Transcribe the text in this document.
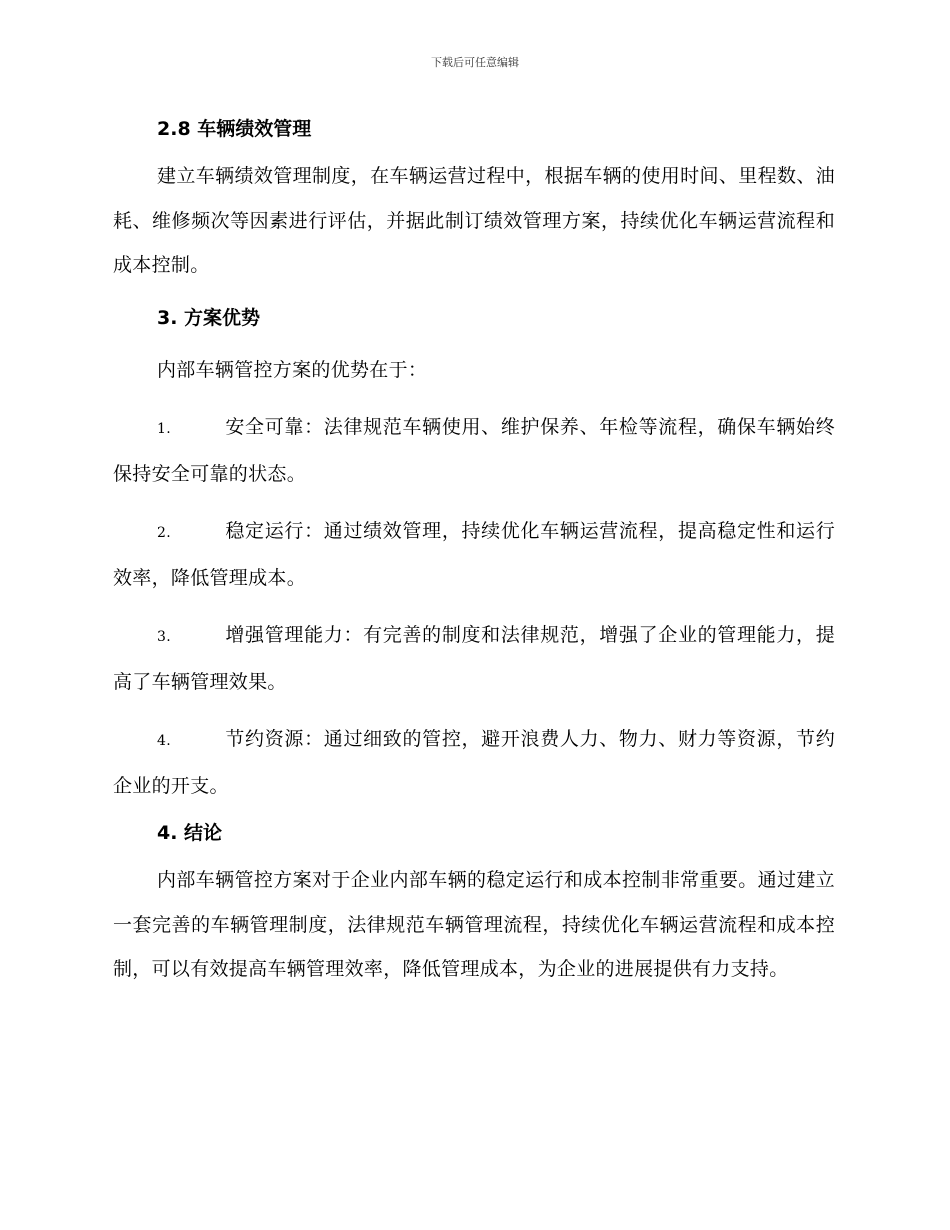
下载后可任意编辑
2.8 车辆绩效管理

建立车辆绩效管理制度，在车辆运营过程中，根据车辆的使用时间、里程数、油耗、维修频次等因素进行评估，并据此制订绩效管理方案，持续优化车辆运营流程和成本控制。

3. 方案优势

内部车辆管控方案的优势在于：

1.	安全可靠：法律规范车辆使用、维护保养、年检等流程，确保车辆始终保持安全可靠的状态。

2.	稳定运行：通过绩效管理，持续优化车辆运营流程，提高稳定性和运行效率，降低管理成本。

3.	增强管理能力：有完善的制度和法律规范，增强了企业的管理能力，提高了车辆管理效果。

4.	节约资源：通过细致的管控，避开浪费人力、物力、财力等资源，节约企业的开支。

4. 结论

内部车辆管控方案对于企业内部车辆的稳定运行和成本控制非常重要。通过建立一套完善的车辆管理制度，法律规范车辆管理流程，持续优化车辆运营流程和成本控制，可以有效提高车辆管理效率，降低管理成本，为企业的进展提供有力支持。
